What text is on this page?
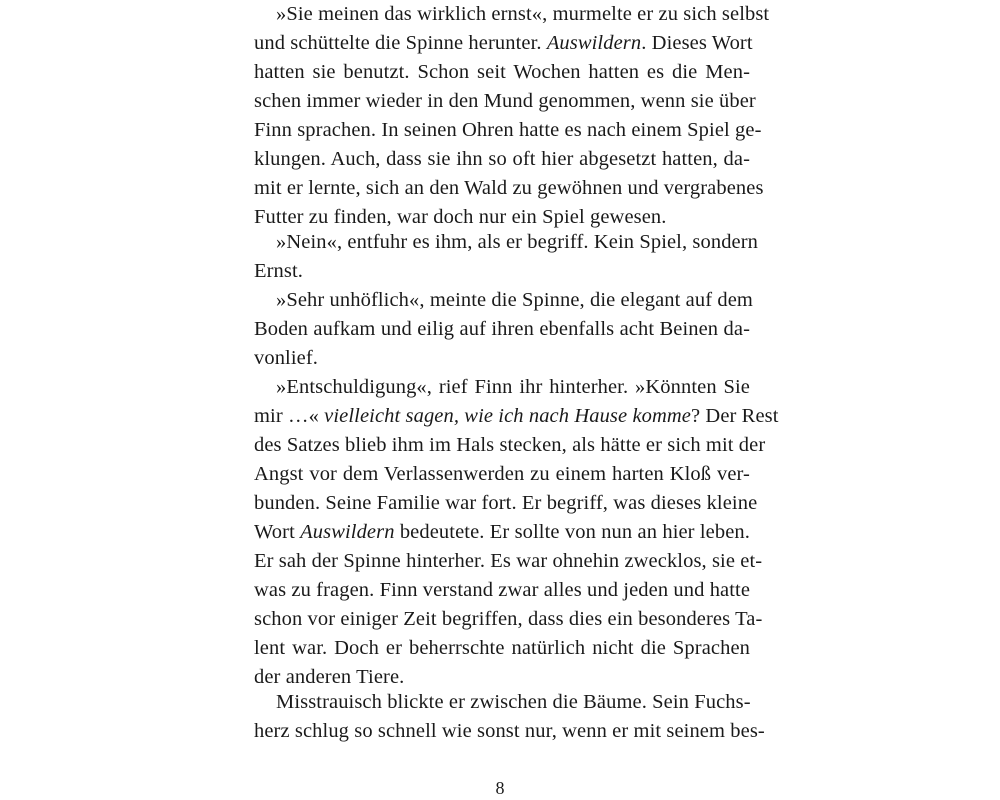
»Sie meinen das wirklich ernst«, murmelte er zu sich selbst
und schüttelte die Spinne herunter. Auswildern. Dieses Wort
hatten sie benutzt. Schon seit Wochen hatten es die Men-
schen immer wieder in den Mund genommen, wenn sie über
Finn sprachen. In seinen Ohren hatte es nach einem Spiel ge-
klungen. Auch, dass sie ihn so oft hier abgesetzt hatten, da-
mit er lernte, sich an den Wald zu gewöhnen und vergrabenes
Futter zu finden, war doch nur ein Spiel gewesen.
»Nein«, entfuhr es ihm, als er begriff. Kein Spiel, sondern
Ernst.
»Sehr unhöflich«, meinte die Spinne, die elegant auf dem
Boden aufkam und eilig auf ihren ebenfalls acht Beinen da-
vonlief.
»Entschuldigung«, rief Finn ihr hinterher. »Könnten Sie
mir …« vielleicht sagen, wie ich nach Hause komme? Der Rest
des Satzes blieb ihm im Hals stecken, als hätte er sich mit der
Angst vor dem Verlassenwerden zu einem harten Kloß ver-
bunden. Seine Familie war fort. Er begriff, was dieses kleine
Wort Auswildern bedeutete. Er sollte von nun an hier leben.
Er sah der Spinne hinterher. Es war ohnehin zwecklos, sie et-
was zu fragen. Finn verstand zwar alles und jeden und hatte
schon vor einiger Zeit begriffen, dass dies ein besonderes Ta-
lent war. Doch er beherrschte natürlich nicht die Sprachen
der anderen Tiere.
Misstrauisch blickte er zwischen die Bäume. Sein Fuchs-
herz schlug so schnell wie sonst nur, wenn er mit seinem bes-
8
